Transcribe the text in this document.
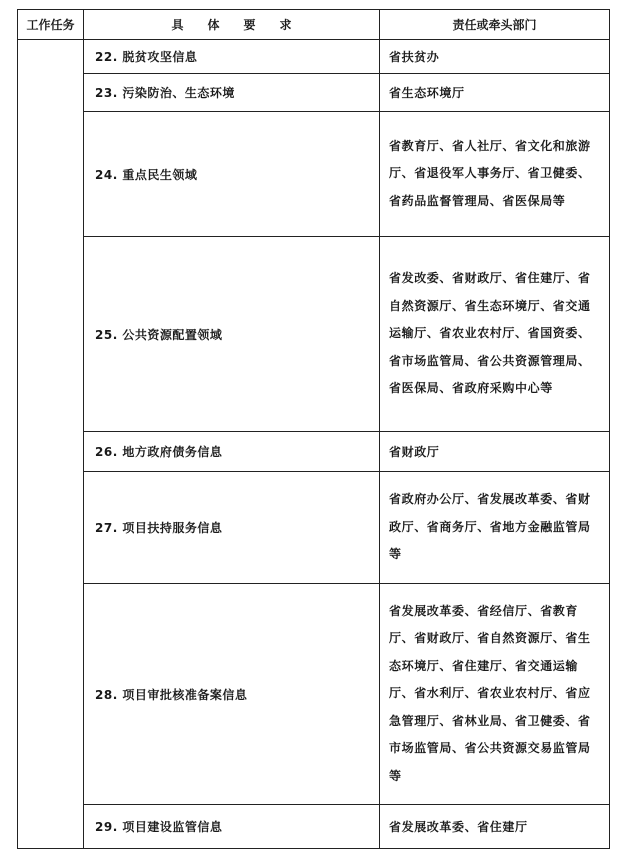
工作任务	具　　体　　要　　求	责任或牵头部门
	22. 脱贫攻坚信息	省扶贫办
	23. 污染防治、生态环境	省生态环境厅
	24. 重点民生领域	省教育厅、省人社厅、省文化和旅游厅、省退役军人事务厅、省卫健委、省药品监督管理局、省医保局等
	25. 公共资源配置领域	省发改委、省财政厅、省住建厅、省自然资源厅、省生态环境厅、省交通运输厅、省农业农村厅、省国资委、省市场监管局、省公共资源管理局、省医保局、省政府采购中心等
	26. 地方政府债务信息	省财政厅
	27. 项目扶持服务信息	省政府办公厅、省发展改革委、省财政厅、省商务厅、省地方金融监管局等
	28. 项目审批核准备案信息	省发展改革委、省经信厅、省教育厅、省财政厅、省自然资源厅、省生态环境厅、省住建厅、省交通运输厅、省水利厅、省农业农村厅、省应急管理厅、省林业局、省卫健委、省市场监管局、省公共资源交易监管局等
	29. 项目建设监管信息	省发展改革委、省住建厅
